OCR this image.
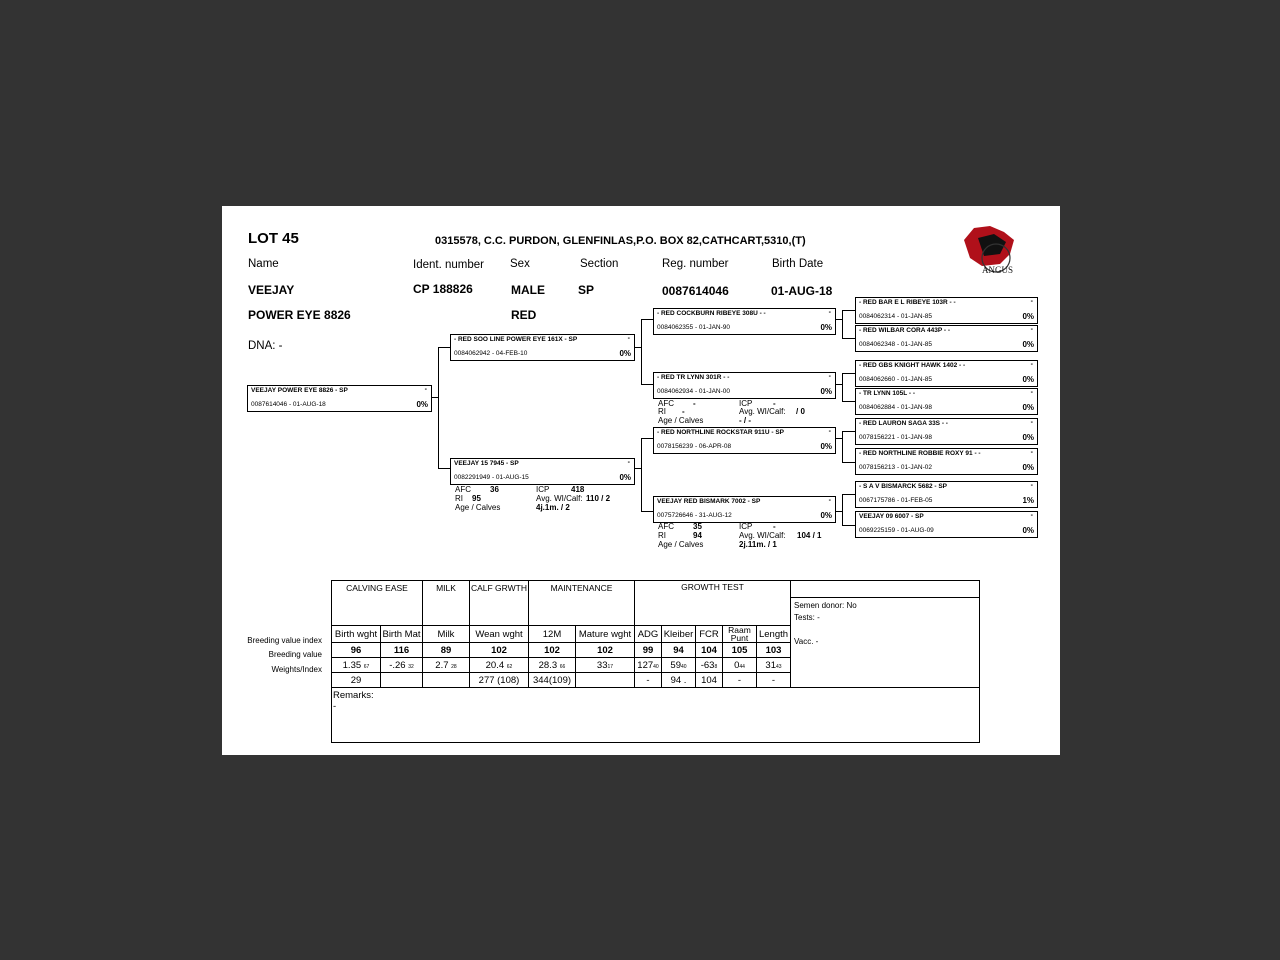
LOT 45	0315578, C.C. PURDON, GLENFINLAS,P.O. BOX 82,CATHCART,5310,(T)
ANGUS
Name	Ident. number Sex	Section	Reg. number	Birth Date
VEEJAY
POWER EYE 8826
CP 188826	MALE
RED
SP	0087614046	01-AUG-18
DNA: -
VEEJAY POWER EYE 8826 - SP	-
0087614046 - 01-AUG-18	0%
- RED SOO LINE POWER EYE 161X - SP	-
0084062942 - 04-FEB-10	0%
VEEJAY 15 7945 - SP	-
0082291949 - 01-AUG-15	0%
- RED COCKBURN RIBEYE 308U - -	-
0084062355 - 01-JAN-90	0%
- RED TR LYNN 301R - -	-
0084062934 - 01-JAN-00	0%
- RED NORTHLINE ROCKSTAR 911U - SP	-
0078156239 - 06-APR-08	0%
VEEJAY RED BISMARK 7002 - SP	-
0075726646 - 31-AUG-12	0%
- RED BAR E L RIBEYE 103R - -	-
0084062314 - 01-JAN-85	0%
- RED WILBAR CORA 443P - -	-
0084062348 - 01-JAN-85	0%
- RED GBS KNIGHT HAWK 1402 - -	-
0084062660 - 01-JAN-85	0%
- TR LYNN 105L - -	-
0084062884 - 01-JAN-98	0%
- RED LAURON SAGA 33S - -	-
0078156221 - 01-JAN-98	0%
- RED NORTHLINE ROBBIE ROXY 91 - -	-
0078156213 - 01-JAN-02	0%
- S A V BISMARCK 5682 - SP	-
0067175786 - 01-FEB-05	1%
VEEJAY 09 6007 - SP	-
0069225159 - 01-AUG-09	0%
AFC 36	ICP	418
RI 95	Avg. WI/Calf: 110 / 2
Age / Calves	4j.1m. / 2
AFC -	ICP	-
RI -	Avg. WI/Calf: / 0
Age / Calves	- / -
AFC 35	ICP	-
RI	94	Avg. WI/Calf: 104 / 1
Age / Calves	2j.11m. / 1
Breeding value index
Breeding value
Weights/Index
CALVING EASE		MILK	CALF GRWTH	MAINTENANCE		GROWTH TEST					

											Semen donor: No
Tests: -
Vacc. -

Birth wght	Birth Mat	Milk	Wean wght	12M	Mature wght	ADG	Kleiber	FCR	Raam Punt	Length	
96	116	89	102	102	102	99	94	104	105	103	
1.35 67	-.26 32	2.7 28	20.4 62	28.3 66	3317	12740	5940	-638	044	3143	
29			277 (108)	344(109)		-	94 .	104	-	-	

Remarks:
-											
